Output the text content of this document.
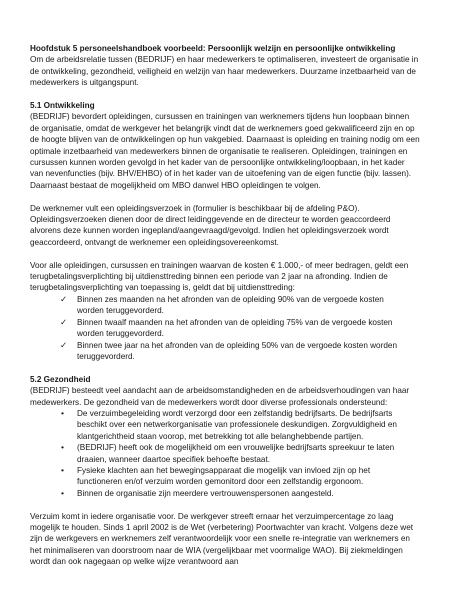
Hoofdstuk 5 personeelshandboek voorbeeld: Persoonlijk welzijn en persoonlijke ontwikkeling

Om de arbeidsrelatie tussen (BEDRIJF) en haar medewerkers te optimaliseren, investeert de organisatie in de ontwikkeling, gezondheid, veiligheid en welzijn van haar medewerkers. Duurzame inzetbaarheid van de medewerkers is uitgangspunt.

5.1 Ontwikkeling

(BEDRIJF) bevordert opleidingen, cursussen en trainingen van werknemers tijdens hun loopbaan binnen de organisatie, omdat de werkgever het belangrijk vindt dat de werknemers goed gekwalificeerd zijn en op de hoogte blijven van de ontwikkelingen op hun vakgebied. Daarnaast is opleiding en training nodig om een optimale inzetbaarheid van medewerkers binnen de organisatie te realiseren. Opleidingen, trainingen en cursussen kunnen worden gevolgd in het kader van de persoonlijke ontwikkeling/loopbaan, in het kader van nevenfuncties (bijv. BHV/EHBO) of in het kader van de uitoefening van de eigen functie (bijv. lassen). Daarnaast bestaat de mogelijkheid om MBO danwel HBO opleidingen te volgen.

De werknemer vult een opleidingsverzoek in (formulier is beschikbaar bij de afdeling P&O). Opleidingsverzoeken dienen door de direct leidinggevende en de directeur te worden geaccordeerd alvorens deze kunnen worden ingepland/aangevraagd/gevolgd. Indien het opleidingsverzoek wordt geaccordeerd, ontvangt de werknemer een opleidingsovereenkomst.

Voor alle opleidingen, cursussen en trainingen waarvan de kosten € 1.000,- of meer bedragen, geldt een terugbetalingsverplichting bij uitdiensttreding binnen een periode van 2 jaar na afronding. Indien de terugbetalingsverplichting van toepassing is, geldt dat bij uitdiensttreding:

✓ Binnen zes maanden na het afronden van de opleiding 90% van de vergoede kosten worden teruggevorderd.
✓ Binnen twaalf maanden na het afronden van de opleiding 75% van de vergoede kosten worden teruggevorderd.
✓ Binnen twee jaar na het afronden van de opleiding 50% van de vergoede kosten worden teruggevorderd.

5.2 Gezondheid

(BEDRIJF) besteedt veel aandacht aan de arbeidsomstandigheden en de arbeidsverhoudingen van haar medewerkers. De gezondheid van de medewerkers wordt door diverse professionals ondersteund:

• De verzuimbegeleiding wordt verzorgd door een zelfstandig bedrijfsarts. De bedrijfsarts beschikt over een netwerkorganisatie van professionele deskundigen. Zorgvuldigheid en klantgerichtheid staan voorop, met betrekking tot alle belanghebbende partijen.
• (BEDRIJF) heeft ook de mogelijkheid om een vrouwelijke bedrijfsarts spreekuur te laten draaien, wanneer daartoe specifiek behoefte bestaat.
• Fysieke klachten aan het bewegingsapparaat die mogelijk van invloed zijn op het functioneren en/of verzuim worden gemonitord door een zelfstandig ergonoom.
• Binnen de organisatie zijn meerdere vertrouwenspersonen aangesteld.

Verzuim komt in iedere organisatie voor. De werkgever streeft ernaar het verzuimpercentage zo laag mogelijk te houden. Sinds 1 april 2002 is de Wet (verbetering) Poortwachter van kracht. Volgens deze wet zijn de werkgevers en werknemers zelf verantwoordelijk voor een snelle re-integratie van werknemers en het minimaliseren van doorstroom naar de WIA (vergelijkbaar met voormalige WAO). Bij ziekmeldingen wordt dan ook nagegaan op welke wijze verantwoord aan
